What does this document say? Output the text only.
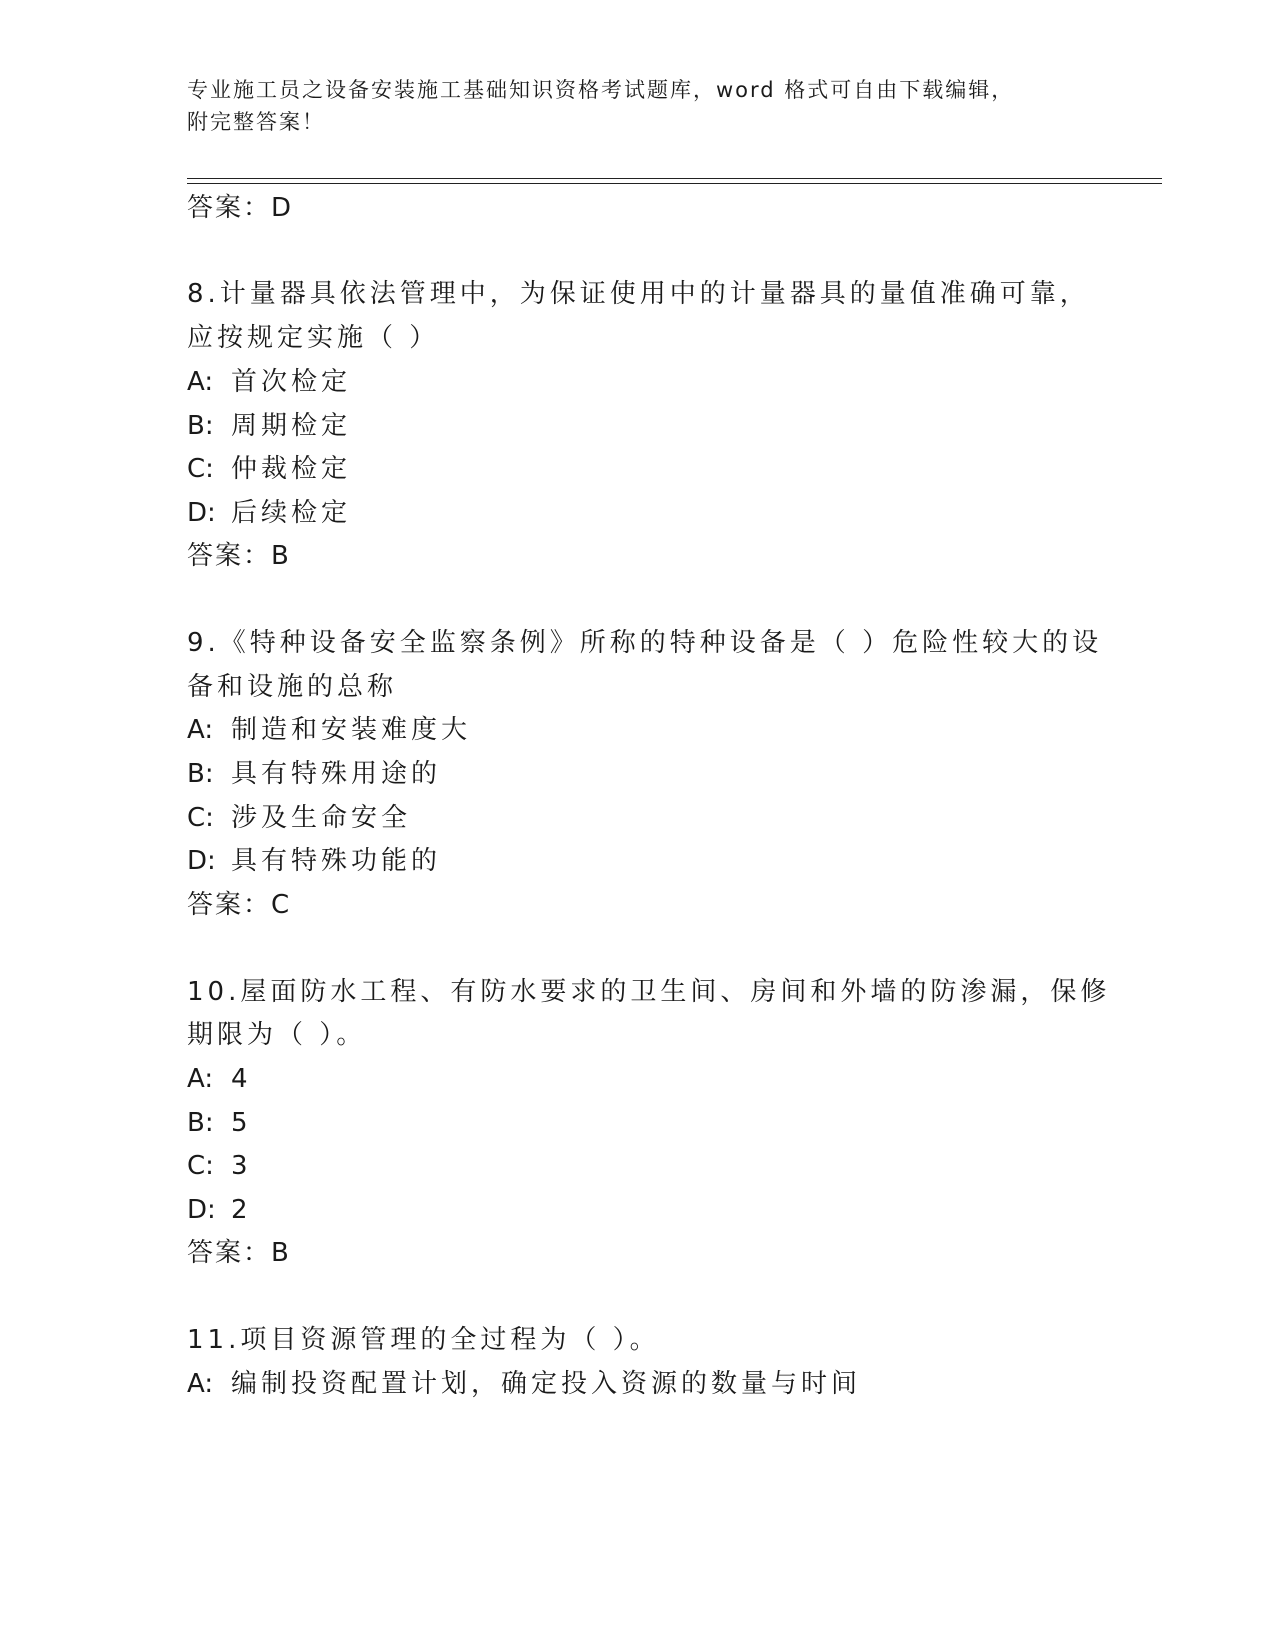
专业施工员之设备安装施工基础知识资格考试题库，word 格式可自由下载编辑，
附完整答案！
答案：D
8.计量器具依法管理中，为保证使用中的计量器具的量值准确可靠，
应按规定实施（ ）
A: 首次检定
B: 周期检定
C: 仲裁检定
D: 后续检定
答案：B
9.《特种设备安全监察条例》所称的特种设备是（ ）危险性较大的设
备和设施的总称
A: 制造和安装难度大
B: 具有特殊用途的
C: 涉及生命安全
D: 具有特殊功能的
答案：C
10.屋面防水工程、有防水要求的卫生间、房间和外墙的防渗漏，保修
期限为（ ）。
A: 4
B: 5
C: 3
D: 2
答案：B
11.项目资源管理的全过程为（ ）。
A: 编制投资配置计划，确定投入资源的数量与时间
